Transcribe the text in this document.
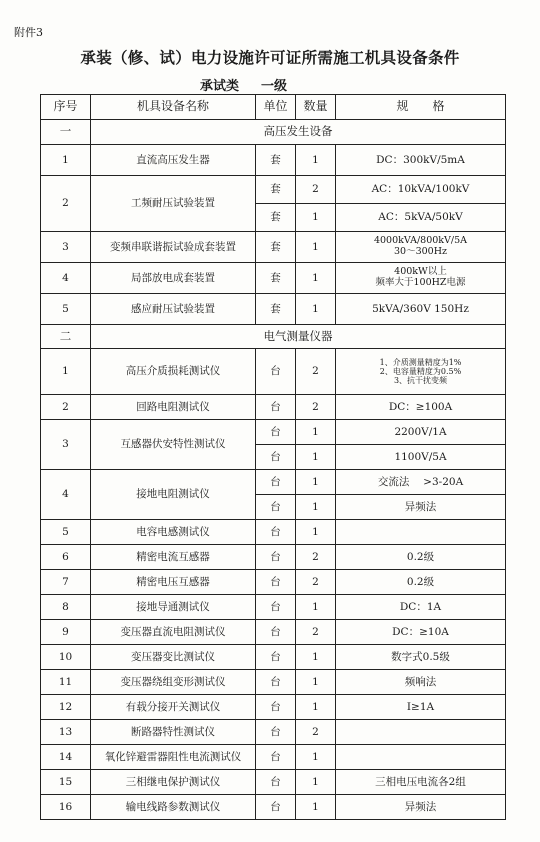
附件3
承装（修、试）电力设施许可证所需施工机具设备条件
承试类 一级
序号	机具设备名称	单位	数量	规　　格
一	高压发生设备			
1	直流高压发生器	套	1	DC：300kV/5mA
2	工频耐压试验装置	套	2	AC：10kVA/100kV
		套	1	AC：5kVA/50kV
3	变频串联谐振试验成套装置	套	1	4000kVA/800kV/5A
30～300Hz

4	局部放电成套装置	套	1	400kW以上
频率大于100HZ电源

5	感应耐压试验装置	套	1	5kVA/360V 150Hz
二	电气测量仪器			
1	高压介质损耗测试仪	台	2	1、介质测量精度为1%
2、电容量精度为0.5%
3、抗干扰变频

2	回路电阻测试仪	台	2	DC：≥100A
3	互感器伏安特性测试仪	台	1	2200V/1A
		台	1	1100V/5A
4	接地电阻测试仪	台	1	交流法　 >3-20A
		台	1	异频法
5	电容电感测试仪	台	1	
6	精密电流互感器	台	2	0.2级
7	精密电压互感器	台	2	0.2级
8	接地导通测试仪	台	1	DC：1A
9	变压器直流电阻测试仪	台	2	DC：≥10A
10	变压器变比测试仪	台	1	数字式0.5级
11	变压器绕组变形测试仪	台	1	频响法
12	有载分接开关测试仪	台	1	I≥1A
13	断路器特性测试仪	台	2	
14	氧化锌避雷器阻性电流测试仪	台	1	
15	三相继电保护测试仪	台	1	三相电压电流各2组
16	输电线路参数测试仪	台	1	异频法
